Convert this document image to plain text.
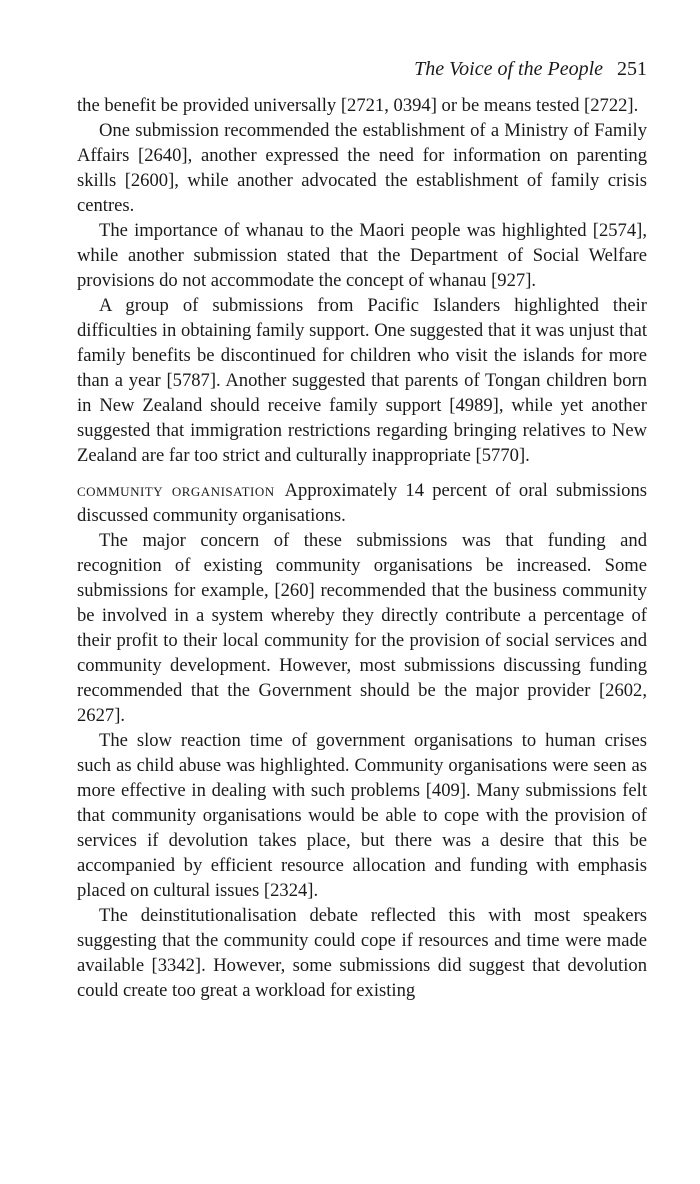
The Voice of the People 251

the benefit be provided universally [2721, 0394] or be means tested [2722].

One submission recommended the establishment of a Ministry of Family Affairs [2640], another expressed the need for information on parenting skills [2600], while another advocated the establishment of family crisis centres.

The importance of whanau to the Maori people was highlighted [2574], while another submission stated that the Department of Social Welfare provisions do not accommodate the concept of whanau [927].

A group of submissions from Pacific Islanders highlighted their difficulties in obtaining family support. One suggested that it was unjust that family benefits be discontinued for children who visit the islands for more than a year [5787]. Another suggested that parents of Tongan children born in New Zealand should receive family support [4989], while yet another suggested that immigration restrictions regarding bringing relatives to New Zealand are far too strict and culturally inappropriate [5770].

community organisation Approximately 14 percent of oral submissions discussed community organisations.

The major concern of these submissions was that funding and recognition of existing community organisations be increased. Some submissions for example, [260] recommended that the business community be involved in a system whereby they directly contribute a percentage of their profit to their local community for the provision of social services and community development. However, most submissions discussing funding recommended that the Government should be the major provider [2602, 2627].

The slow reaction time of government organisations to human crises such as child abuse was highlighted. Community organisations were seen as more effective in dealing with such problems [409]. Many submissions felt that community organisations would be able to cope with the provision of services if devolution takes place, but there was a desire that this be accompanied by efficient resource allocation and funding with emphasis placed on cultural issues [2324].

The deinstitutionalisation debate reflected this with most speakers suggesting that the community could cope if resources and time were made available [3342]. However, some submissions did suggest that devolution could create too great a workload for existing
